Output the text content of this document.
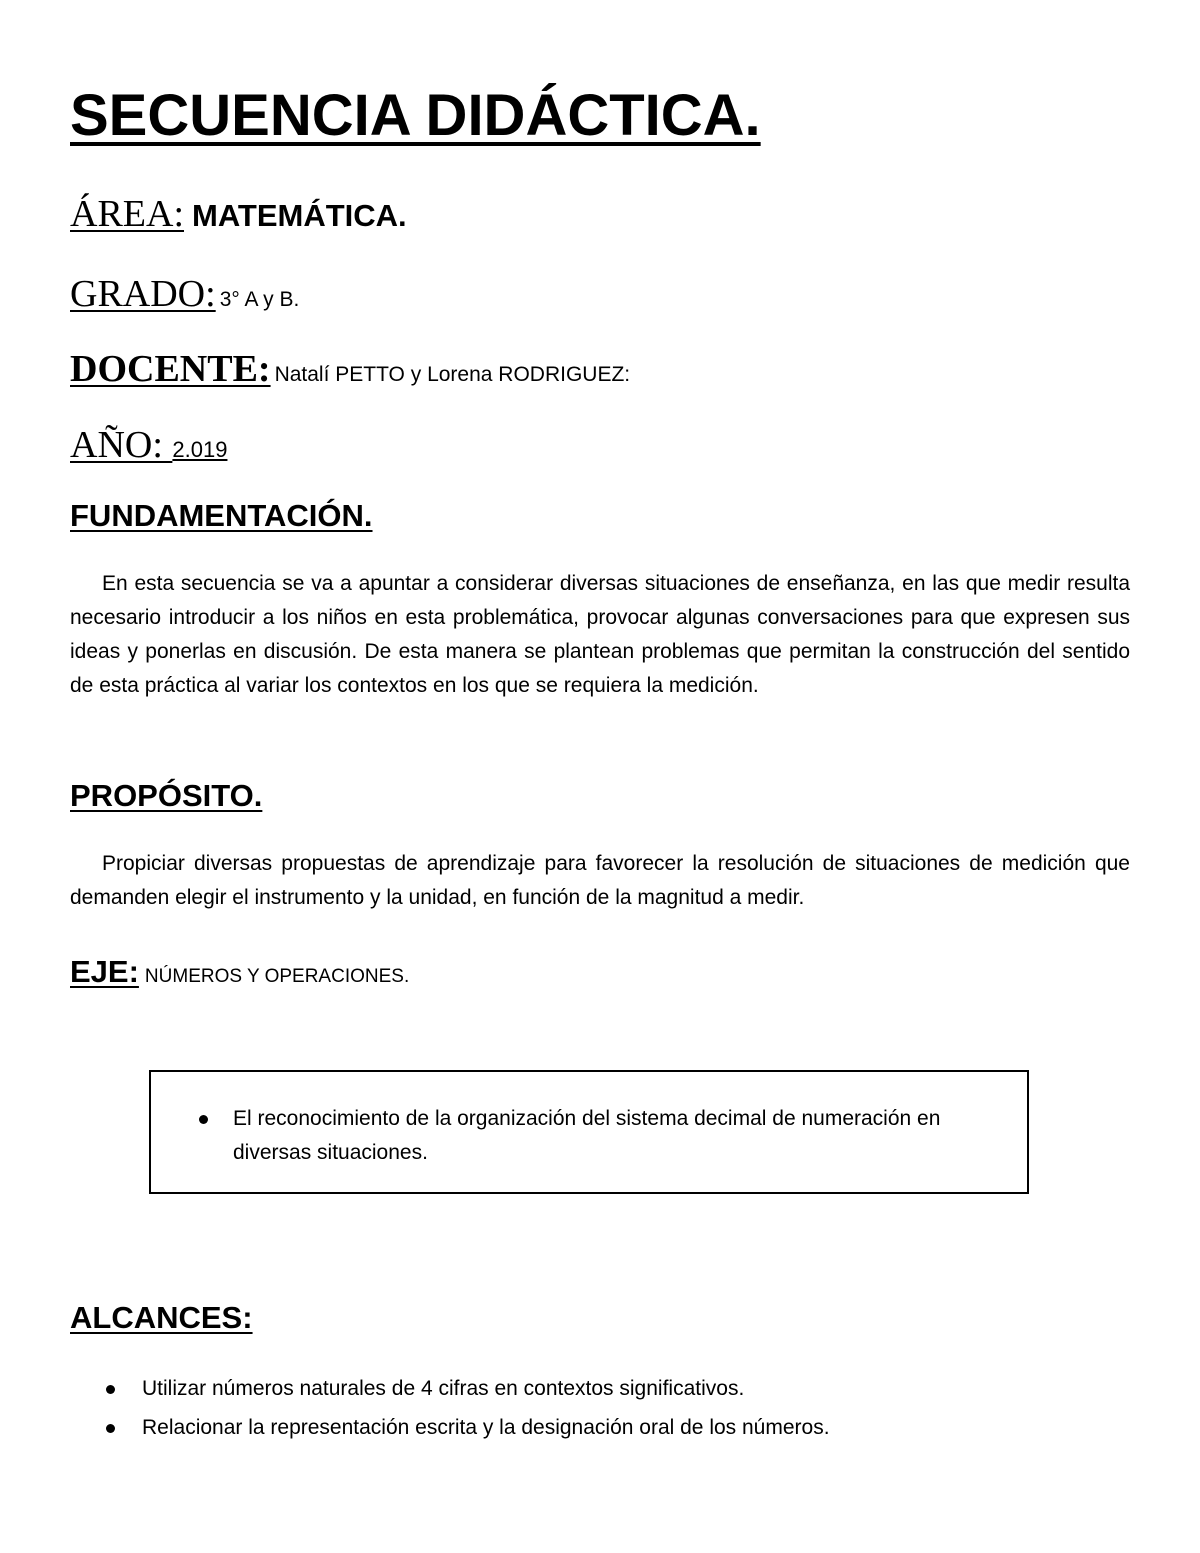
SECUENCIA DIDÁCTICA.
ÁREA: MATEMÁTICA.
GRADO: 3° A y B.
DOCENTE: Natalí PETTO y Lorena RODRIGUEZ:
AÑO: 2.019
FUNDAMENTACIÓN.

En esta secuencia se va a apuntar a considerar diversas situaciones de enseñanza, en las que medir resulta necesario introducir a los niños en esta problemática, provocar algunas conversaciones para que expresen sus ideas y ponerlas en discusión. De esta manera se plantean problemas que permitan la construcción del sentido de esta práctica al variar los contextos en los que se requiera la medición.

PROPÓSITO.

Propiciar diversas propuestas de aprendizaje para favorecer la resolución de situaciones de medición que demanden elegir el instrumento y la unidad, en función de la magnitud a medir.

EJE: NÚMEROS Y OPERACIONES.
El reconocimiento de la organización del sistema decimal de numeración en diversas situaciones.
ALCANCES:
Utilizar números naturales de 4 cifras en contextos significativos.
Relacionar la representación escrita y la designación oral de los números.
